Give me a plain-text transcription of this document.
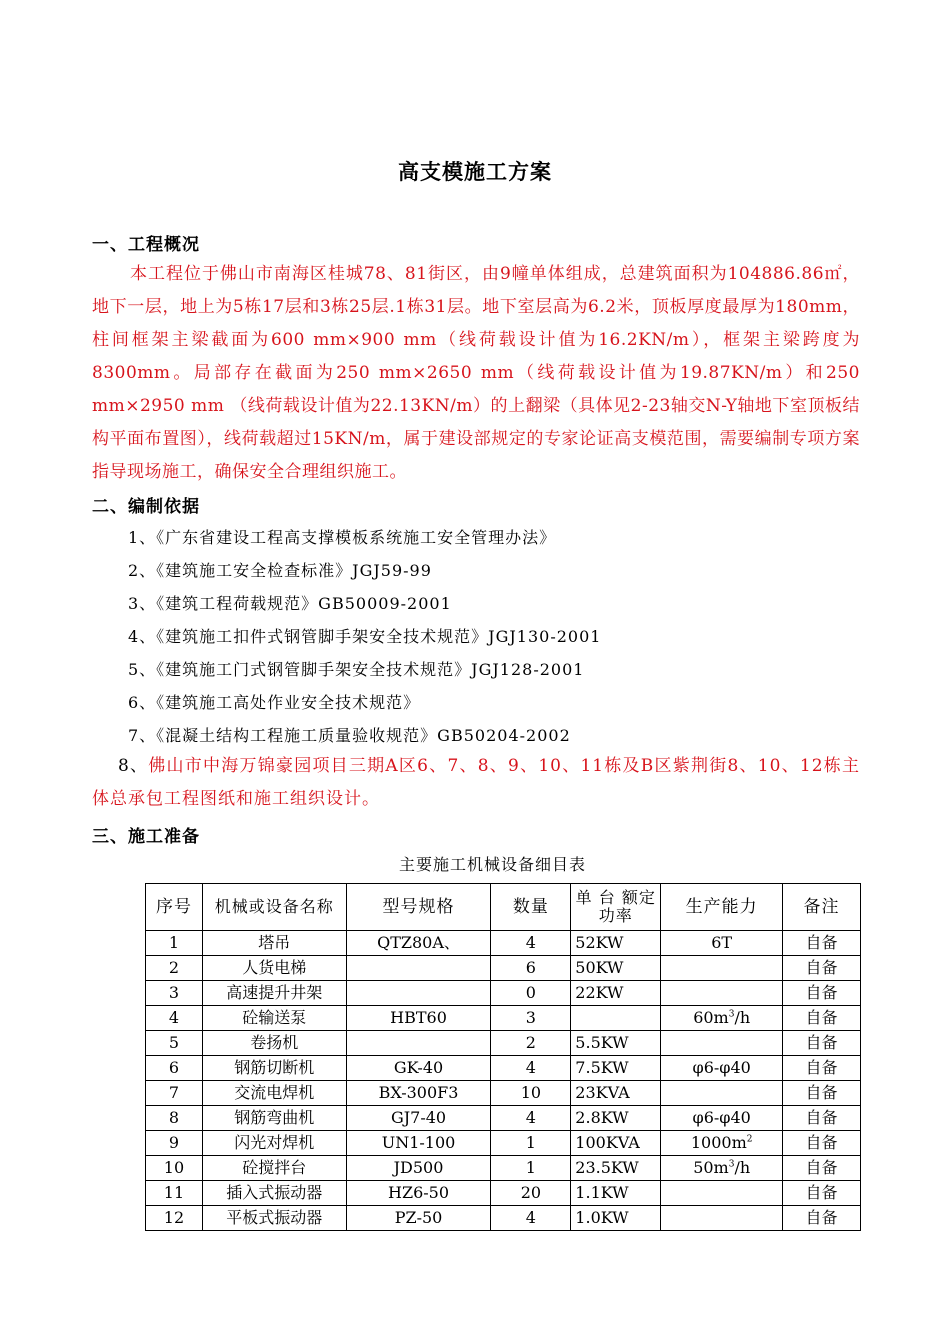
高支模施工方案
一、工程概况

本工程位于佛山市南海区桂城78、81街区，由9幢单体组成，总建筑面积为104886.86㎡，地下一层，地上为5栋17层和3栋25层.1栋31层。地下室层高为6.2米，顶板厚度最厚为180mm，柱间框架主梁截面为600 mm×900 mm（线荷载设计值为16.2KN/m），框架主梁跨度为8300mm。局部存在截面为250 mm×2650 mm（线荷载设计值为19.87KN/m）和250 mm×2950 mm （线荷载设计值为22.13KN/m）的上翻梁（具体见2-23轴交N-Y轴地下室顶板结构平面布置图），线荷载超过15KN/m，属于建设部规定的专家论证高支模范围，需要编制专项方案指导现场施工，确保安全合理组织施工。

二、编制依据
1、《广东省建设工程高支撑模板系统施工安全管理办法》
2、《建筑施工安全检查标准》JGJ59-99
3、《建筑工程荷载规范》GB50009-2001
4、《建筑施工扣件式钢管脚手架安全技术规范》JGJ130-2001
5、《建筑施工门式钢管脚手架安全技术规范》JGJ128-2001
6、《建筑施工高处作业安全技术规范》
7、《混凝土结构工程施工质量验收规范》GB50204-2002

8、佛山市中海万锦豪园项目三期A区6、7、8、9、10、11栋及B区紫荆街8、10、12栋主体总承包工程图纸和施工组织设计。

三、施工准备
主要施工机械设备细目表
序号	机械或设备名称	型号规格	数量	单 台 额定功率	生产能力	备注
1	塔吊	QTZ80A、	4	52KW	6T	自备
2	人货电梯		6	50KW		自备
3	高速提升井架		0	22KW		自备
4	砼输送泵	HBT60	3		$60m^3/h$	自备
5	卷扬机		2	5.5KW		自备
6	钢筋切断机	GK-40	4	7.5KW	φ6-φ40	自备
7	交流电焊机	BX-300F3	10	23KVA		自备
8	钢筋弯曲机	GJ7-40	4	2.8KW	φ6-φ40	自备
9	闪光对焊机	UN1-100	1	100KVA	$1000m^2$	自备
10	砼搅拌台	JD500	1	23.5KW	$50m^3/h$	自备
11	插入式振动器	HZ6-50	20	1.1KW		自备
12	平板式振动器	PZ-50	4	1.0KW		自备
